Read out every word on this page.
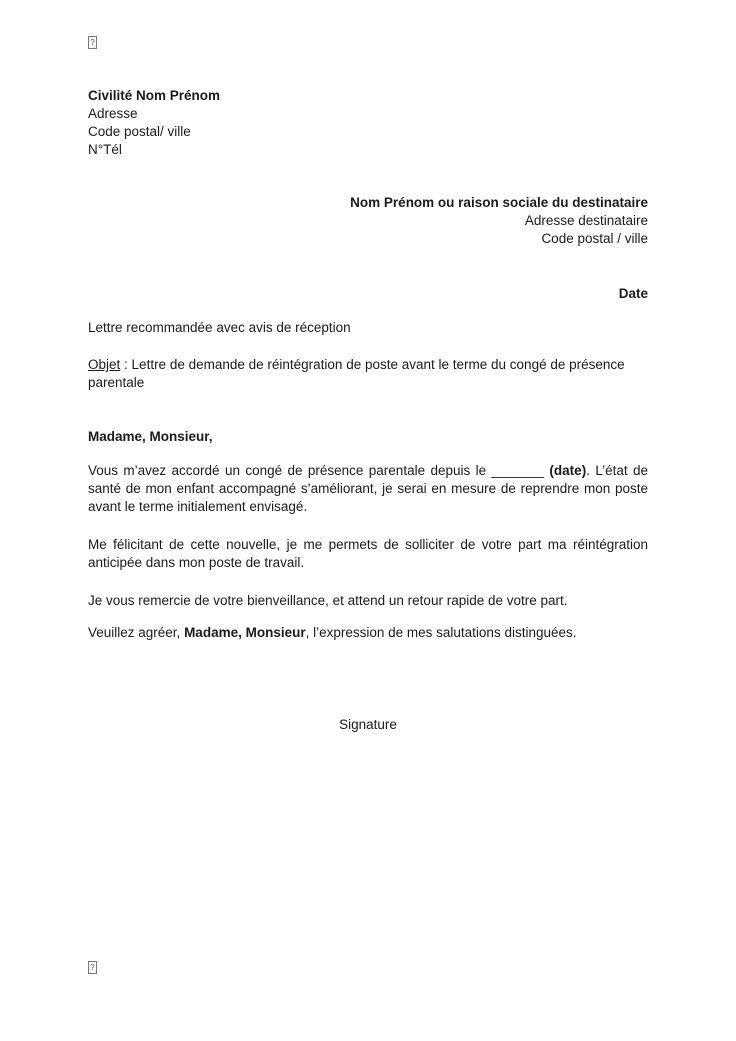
?
Civilité Nom Prénom
Adresse
Code postal/ ville
N°Tél
Nom Prénom ou raison sociale du destinataire
Adresse destinataire
Code postal / ville
Date
Lettre recommandée avec avis de réception

Objet : Lettre de demande de réintégration de poste avant le terme du congé de présence parentale

Madame, Monsieur,

Vous m’avez accordé un congé de présence parentale depuis le _______ (date). L’état de santé de mon enfant accompagné s’améliorant, je serai en mesure de reprendre mon poste avant le terme initialement envisagé.

Me félicitant de cette nouvelle, je me permets de solliciter de votre part ma réintégration anticipée dans mon poste de travail.

Je vous remercie de votre bienveillance, et attend un retour rapide de votre part.

Veuillez agréer, Madame, Monsieur, l’expression de mes salutations distinguées.

Signature
?
